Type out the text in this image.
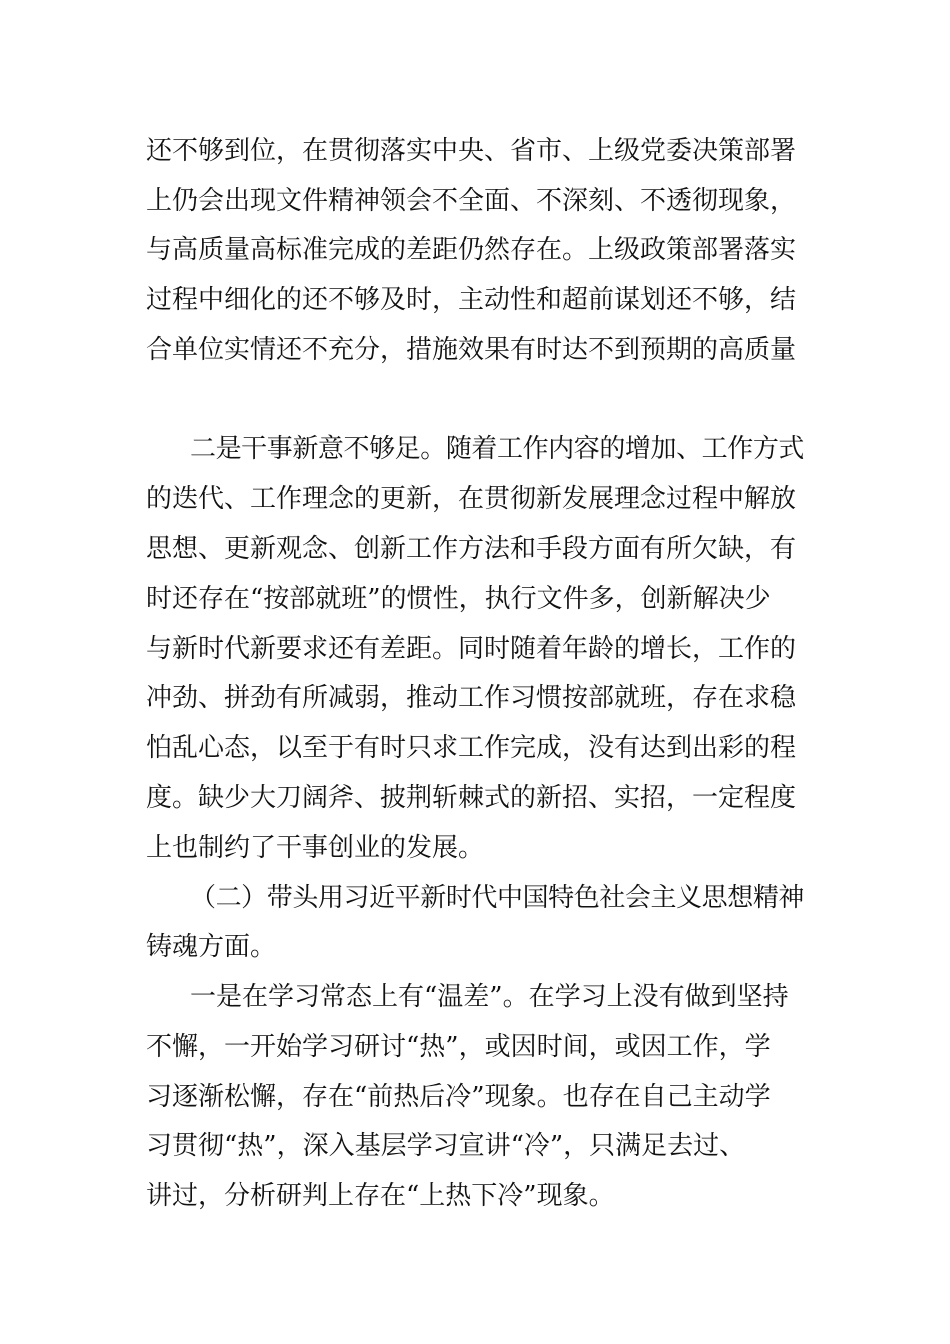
还不够到位，在贯彻落实中央、省市、上级党委决策部署
上仍会出现文件精神领会不全面、不深刻、不透彻现象，
与高质量高标准完成的差距仍然存在。上级政策部署落实
过程中细化的还不够及时，主动性和超前谋划还不够，结
合单位实情还不充分，措施效果有时达不到预期的高质量
二是干事新意不够足。随着工作内容的增加、工作方式
的迭代、工作理念的更新，在贯彻新发展理念过程中解放
思想、更新观念、创新工作方法和手段方面有所欠缺，有
时还存在“按部就班”的惯性，执行文件多，创新解决少
与新时代新要求还有差距。同时随着年龄的增长，工作的
冲劲、拼劲有所减弱，推动工作习惯按部就班，存在求稳
怕乱心态，以至于有时只求工作完成，没有达到出彩的程
度。缺少大刀阔斧、披荆斩棘式的新招、实招，一定程度
上也制约了干事创业的发展。
（二）带头用习近平新时代中国特色社会主义思想精神
铸魂方面。
一是在学习常态上有“温差”。在学习上没有做到坚持
不懈，一开始学习研讨“热”，或因时间，或因工作，学
习逐渐松懈，存在“前热后冷”现象。也存在自己主动学
习贯彻“热”，深入基层学习宣讲“冷”，只满足去过、
讲过，分析研判上存在“上热下冷”现象。
